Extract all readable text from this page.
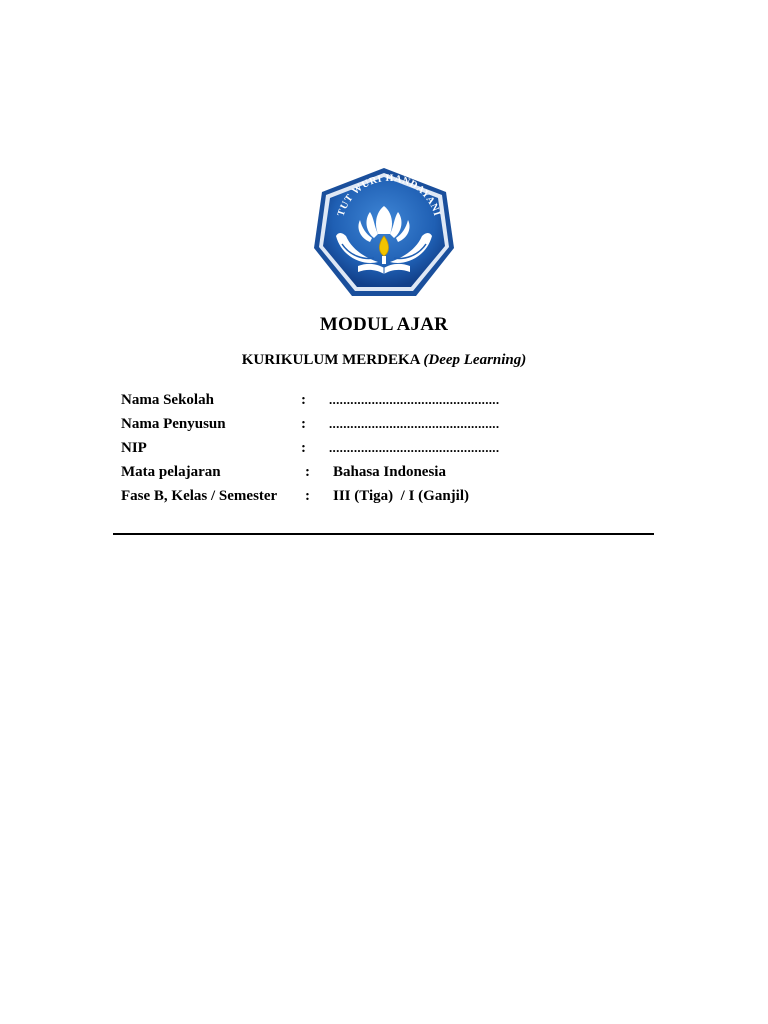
TUT WURI HANDAYANI
MODUL AJAR
KURIKULUM MERDEKA (Deep Learning)
Nama Sekolah	: ................................................
Nama Penyusun	: ................................................
NIP	: ................................................
Mata pelajaran	: Bahasa Indonesia
Fase B, Kelas / Semester : III (Tiga)  / I (Ganjil)
